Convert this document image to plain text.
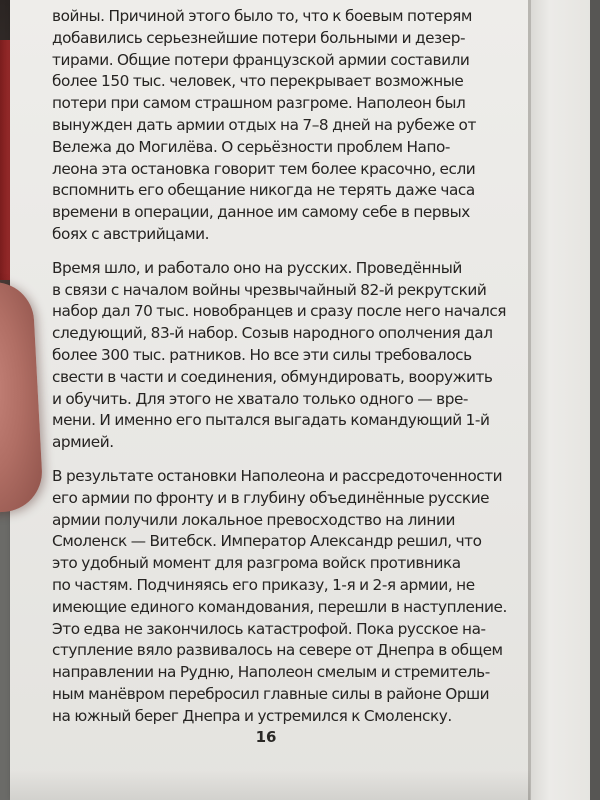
войны. Причиной этого было то, что к боевым потерям
добавились серьезнейшие потери больными и дезер-
тирами. Общие потери французской армии составили
более 150 тыс. человек, что перекрывает возможные
потери при самом страшном разгроме. Наполеон был
вынужден дать армии отдых на 7–8 дней на рубеже от
Вележа до Могилёва. О серьёзности проблем Напо-
леона эта остановка говорит тем более красочно, если
вспомнить его обещание никогда не терять даже часа
времени в операции, данное им самому себе в первых
боях с австрийцами.

Время шло, и работало оно на русских. Проведённый
в связи с началом войны чрезвычайный 82-й рекрутский
набор дал 70 тыс. новобранцев и сразу после него начался
следующий, 83-й набор. Созыв народного ополчения дал
более 300 тыс. ратников. Но все эти силы требовалось
свести в части и соединения, обмундировать, вооружить
и обучить. Для этого не хватало только одного — вре-
мени. И именно его пытался выгадать командующий 1-й
армией.

В результате остановки Наполеона и рассредоточенности
его армии по фронту и в глубину объединённые русские
армии получили локальное превосходство на линии
Смоленск — Витебск. Император Александр решил, что
это удобный момент для разгрома войск противника
по частям. Подчиняясь его приказу, 1-я и 2-я армии, не
имеющие единого командования, перешли в наступление.
Это едва не закончилось катастрофой. Пока русское на-
ступление вяло развивалось на севере от Днепра в общем
направлении на Рудню, Наполеон смелым и стремитель-
ным манёвром перебросил главные силы в районе Орши
на южный берег Днепра и устремился к Смоленску.

16
